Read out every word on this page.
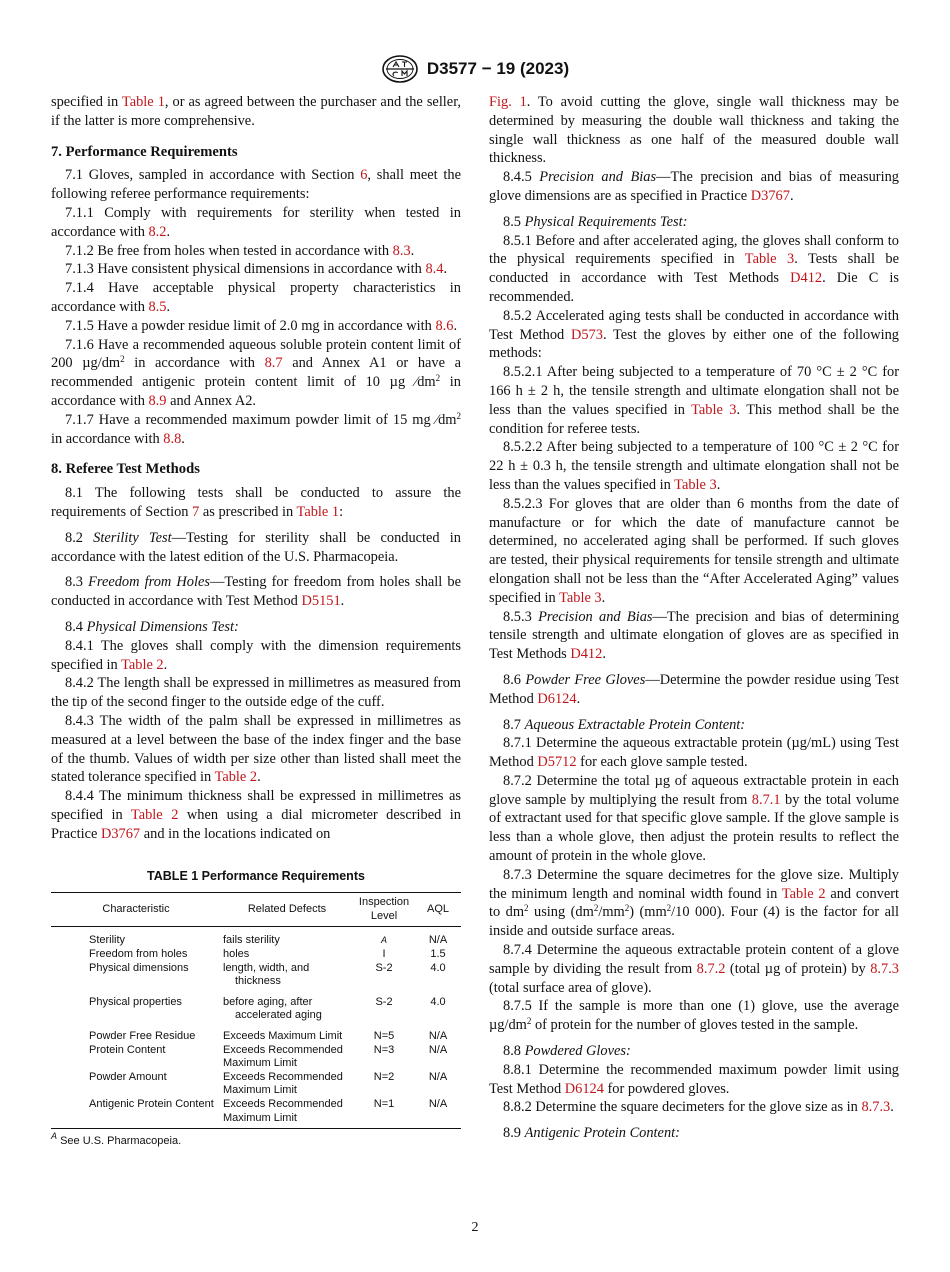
D3577 − 19 (2023)

specified in Table 1, or as agreed between the purchaser and the seller, if the latter is more comprehensive.

7. Performance Requirements

7.1 Gloves, sampled in accordance with Section 6, shall meet the following referee performance requirements:

7.1.1 Comply with requirements for sterility when tested in accordance with 8.2.

7.1.2 Be free from holes when tested in accordance with 8.3.

7.1.3 Have consistent physical dimensions in accordance with 8.4.

7.1.4 Have acceptable physical property characteristics in accordance with 8.5.

7.1.5 Have a powder residue limit of 2.0 mg in accordance with 8.6.

7.1.6 Have a recommended aqueous soluble protein content limit of 200 $\mu g/dm^2$ in accordance with 8.7 and Annex A1 or have a recommended antigenic protein content limit of 10 µg $⁄dm^2$ in accordance with 8.9 and Annex A2.

7.1.7 Have a recommended maximum powder limit of 15 mg $⁄dm^2$ in accordance with 8.8.

8. Referee Test Methods

8.1 The following tests shall be conducted to assure the requirements of Section 7 as prescribed in Table 1:

8.2 Sterility Test—Testing for sterility shall be conducted in accordance with the latest edition of the U.S. Pharmacopeia.

8.3 Freedom from Holes—Testing for freedom from holes shall be conducted in accordance with Test Method D5151.

8.4 Physical Dimensions Test:

8.4.1 The gloves shall comply with the dimension requirements specified in Table 2.

8.4.2 The length shall be expressed in millimetres as measured from the tip of the second finger to the outside edge of the cuff.

8.4.3 The width of the palm shall be expressed in millimetres as measured at a level between the base of the index finger and the base of the thumb. Values of width per size other than listed shall meet the stated tolerance specified in Table 2.

8.4.4 The minimum thickness shall be expressed in millimetres as specified in Table 2 when using a dial micrometer described in Practice D3767 and in the locations indicated on

TABLE 1 Performance Requirements
Characteristic	Related Defects	Inspection Level	AQL
Sterility	fails sterility	A	N/A
Freedom from holes	holes	I	1.5
Physical dimensions	length, width, and thickness	S-2	4.0
Physical properties	before aging, after accelerated aging	S-2	4.0
Powder Free Residue	Exceeds Maximum Limit	N=5	N/A
Protein Content	Exceeds Recommended Maximum Limit	N=3	N/A
Powder Amount	Exceeds Recommended Maximum Limit	N=2	N/A
Antigenic Protein Content	Exceeds Recommended Maximum Limit	N=1	N/A
$^A$ See U.S. Pharmacopeia.

Fig. 1. To avoid cutting the glove, single wall thickness may be determined by measuring the double wall thickness and taking the single wall thickness as one half of the measured double wall thickness.

8.4.5 Precision and Bias—The precision and bias of measuring glove dimensions are as specified in Practice D3767.

8.5 Physical Requirements Test:

8.5.1 Before and after accelerated aging, the gloves shall conform to the physical requirements specified in Table 3. Tests shall be conducted in accordance with Test Methods D412. Die C is recommended.

8.5.2 Accelerated aging tests shall be conducted in accordance with Test Method D573. Test the gloves by either one of the following methods:

8.5.2.1 After being subjected to a temperature of 70 °C ± 2 °C for 166 h ± 2 h, the tensile strength and ultimate elongation shall not be less than the values specified in Table 3. This method shall be the condition for referee tests.

8.5.2.2 After being subjected to a temperature of 100 °C ± 2 °C for 22 h ± 0.3 h, the tensile strength and ultimate elongation shall not be less than the values specified in Table 3.

8.5.2.3 For gloves that are older than 6 months from the date of manufacture or for which the date of manufacture cannot be determined, no accelerated aging shall be performed. If such gloves are tested, their physical requirements for tensile strength and ultimate elongation shall not be less than the “After Accelerated Aging” values specified in Table 3.

8.5.3 Precision and Bias—The precision and bias of determining tensile strength and ultimate elongation of gloves are as specified in Test Methods D412.

8.6 Powder Free Gloves—Determine the powder residue using Test Method D6124.

8.7 Aqueous Extractable Protein Content:

8.7.1 Determine the aqueous extractable protein (µg/mL) using Test Method D5712 for each glove sample tested.

8.7.2 Determine the total µg of aqueous extractable protein in each glove sample by multiplying the result from 8.7.1 by the total volume of extractant used for that specific glove sample. If the glove sample is less than a whole glove, then adjust the protein results to reflect the amount of protein in the whole glove.

8.7.3 Determine the square decimetres for the glove size. Multiply the minimum length and nominal width found in Table 2 and convert to $dm^2$ using $(dm^2/mm^2)$ ($mm^2/10$ 000). Four (4) is the factor for all inside and outside surface areas.

8.7.4 Determine the aqueous extractable protein content of a glove sample by dividing the result from 8.7.2 (total µg of protein) by 8.7.3 (total surface area of glove).

8.7.5 If the sample is more than one (1) glove, use the average $\mu g/dm^2$ of protein for the number of gloves tested in the sample.

8.8 Powdered Gloves:

8.8.1 Determine the recommended maximum powder limit using Test Method D6124 for powdered gloves.

8.8.2 Determine the square decimeters for the glove size as in 8.7.3.

8.9 Antigenic Protein Content:

2
